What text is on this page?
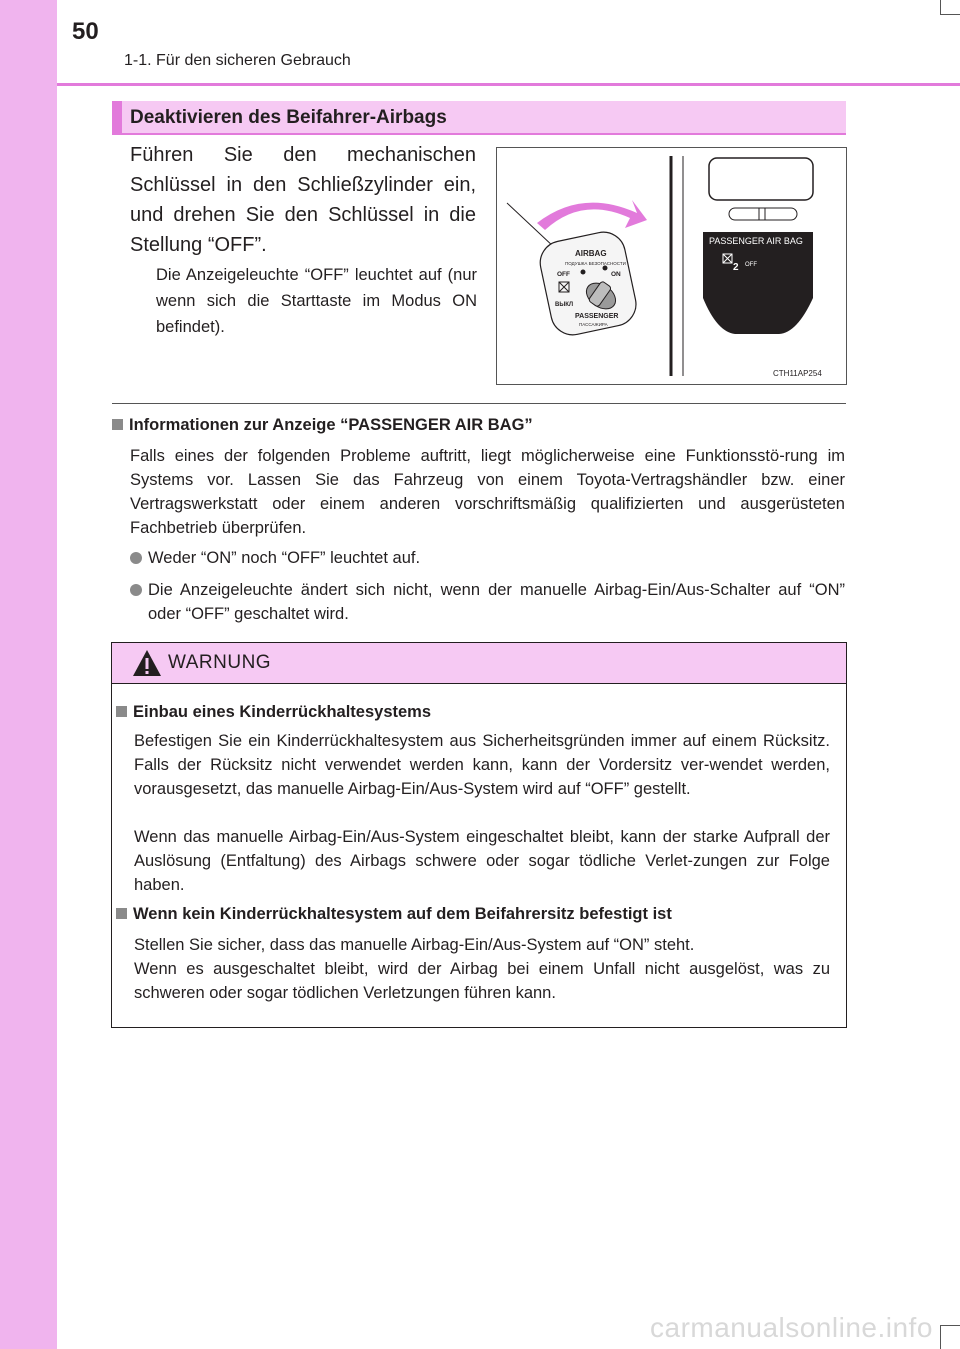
50
1-1. Für den sicheren Gebrauch
Deaktivieren des Beifahrer-Airbags
Führen Sie den mechanischen Schlüssel in den Schließzylinder ein, und drehen Sie den Schlüssel in die Stellung “OFF”.
Die Anzeigeleuchte “OFF” leuchtet auf (nur wenn sich die Starttaste im Modus ON befindet).
AIRBAG
ПОДУШКА БЕЗОПАСНОСТИ
OFF	ON
ВЫКЛ
PASSENGER
ПАССАЖИРА
PASSENGER AIR BAG
2 OFF
CTH11AP254
Informationen zur Anzeige “PASSENGER AIR BAG”
Falls eines der folgenden Probleme auftritt, liegt möglicherweise eine Funktionsstö-rung im Systems vor. Lassen Sie das Fahrzeug von einem Toyota-Vertragshändler bzw. einer Vertragswerkstatt oder einem anderen vorschriftsmäßig qualifizierten und ausgerüsteten Fachbetrieb überprüfen.
Weder “ON” noch “OFF” leuchtet auf.
Die Anzeigeleuchte ändert sich nicht, wenn der manuelle Airbag-Ein/Aus-Schalter auf “ON” oder “OFF” geschaltet wird.
WARNUNG
Einbau eines Kinderrückhaltesystems
Befestigen Sie ein Kinderrückhaltesystem aus Sicherheitsgründen immer auf einem Rücksitz. Falls der Rücksitz nicht verwendet werden kann, kann der Vordersitz ver-wendet werden, vorausgesetzt, das manuelle Airbag-Ein/Aus-System wird auf “OFF” gestellt.
Wenn das manuelle Airbag-Ein/Aus-System eingeschaltet bleibt, kann der starke Aufprall der Auslösung (Entfaltung) des Airbags schwere oder sogar tödliche Verlet-zungen zur Folge haben.
Wenn kein Kinderrückhaltesystem auf dem Beifahrersitz befestigt ist
Stellen Sie sicher, dass das manuelle Airbag-Ein/Aus-System auf “ON” steht.
Wenn es ausgeschaltet bleibt, wird der Airbag bei einem Unfall nicht ausgelöst, was zu schweren oder sogar tödlichen Verletzungen führen kann.
carmanualsonline.info
